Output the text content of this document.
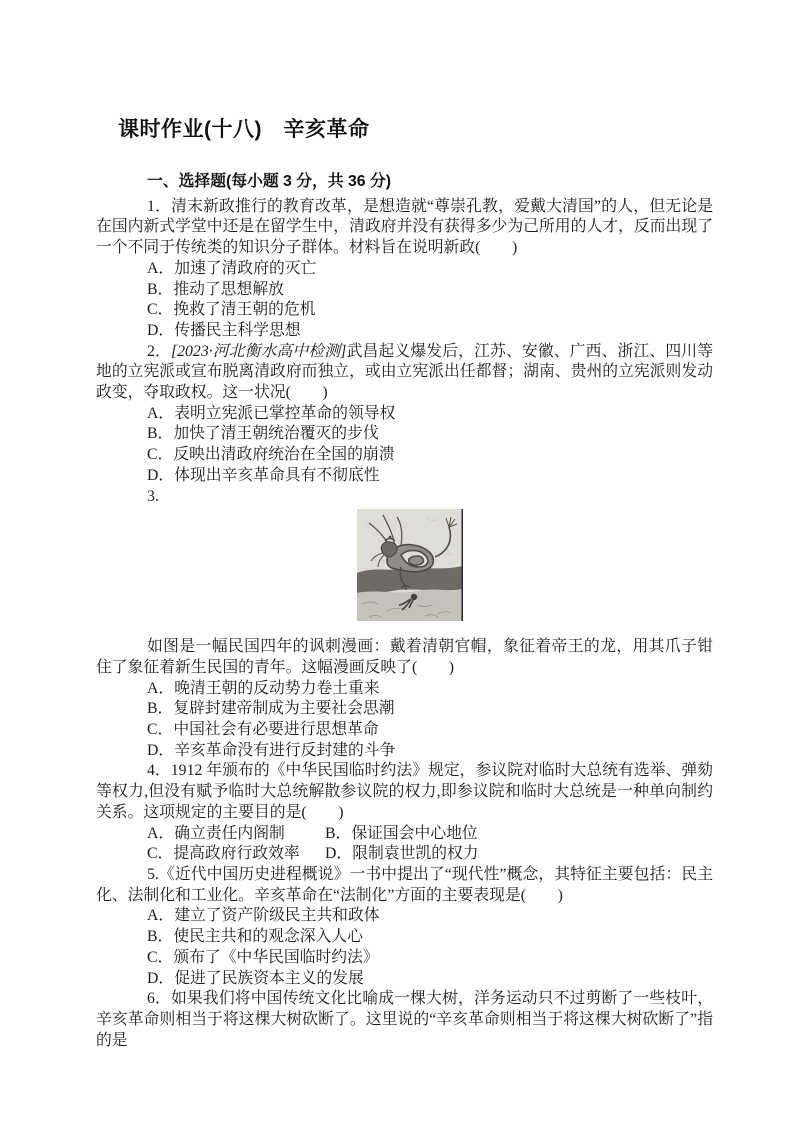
课时作业(十八)　辛亥革命

一、选择题(每小题 3 分，共 36 分)

1．清末新政推行的教育改革，是想造就“尊崇孔教，爱戴大清国”的人，但无论是在国内新式学堂中还是在留学生中，清政府并没有获得多少为己所用的人才，反而出现了一个不同于传统类的知识分子群体。材料旨在说明新政(　　)

A．加速了清政府的灭亡

B．推动了思想解放

C．挽救了清王朝的危机

D．传播民主科学思想

2．[2023·河北衡水高中检测]武昌起义爆发后，江苏、安徽、广西、浙江、四川等地的立宪派或宣布脱离清政府而独立，或由立宪派出任都督；湖南、贵州的立宪派则发动政变，夺取政权。这一状况(　　)

A．表明立宪派已掌控革命的领导权

B．加快了清王朝统治覆灭的步伐

C．反映出清政府统治在全国的崩溃

D．体现出辛亥革命具有不彻底性

3.

如图是一幅民国四年的讽刺漫画：戴着清朝官帽，象征着帝王的龙，用其爪子钳住了象征着新生民国的青年。这幅漫画反映了(　　)

A．晚清王朝的反动势力卷土重来

B．复辟封建帝制成为主要社会思潮

C．中国社会有必要进行思想革命

D．辛亥革命没有进行反封建的斗争

4．1912 年颁布的《中华民国临时约法》规定，参议院对临时大总统有选举、弹劾等权力,但没有赋予临时大总统解散参议院的权力,即参议院和临时大总统是一种单向制约关系。这项规定的主要目的是(　　)

A．确立责任内阁制	B．保证国会中心地位

C．提高政府行政效率 D．限制袁世凯的权力

5.《近代中国历史进程概说》一书中提出了“现代性”概念，其特征主要包括：民主化、法制化和工业化。辛亥革命在“法制化”方面的主要表现是(　　)

A．建立了资产阶级民主共和政体

B．使民主共和的观念深入人心

C．颁布了《中华民国临时约法》

D．促进了民族资本主义的发展

6．如果我们将中国传统文化比喻成一棵大树，洋务运动只不过剪断了一些枝叶，辛亥革命则相当于将这棵大树砍断了。这里说的“辛亥革命则相当于将这棵大树砍断了”指的是
